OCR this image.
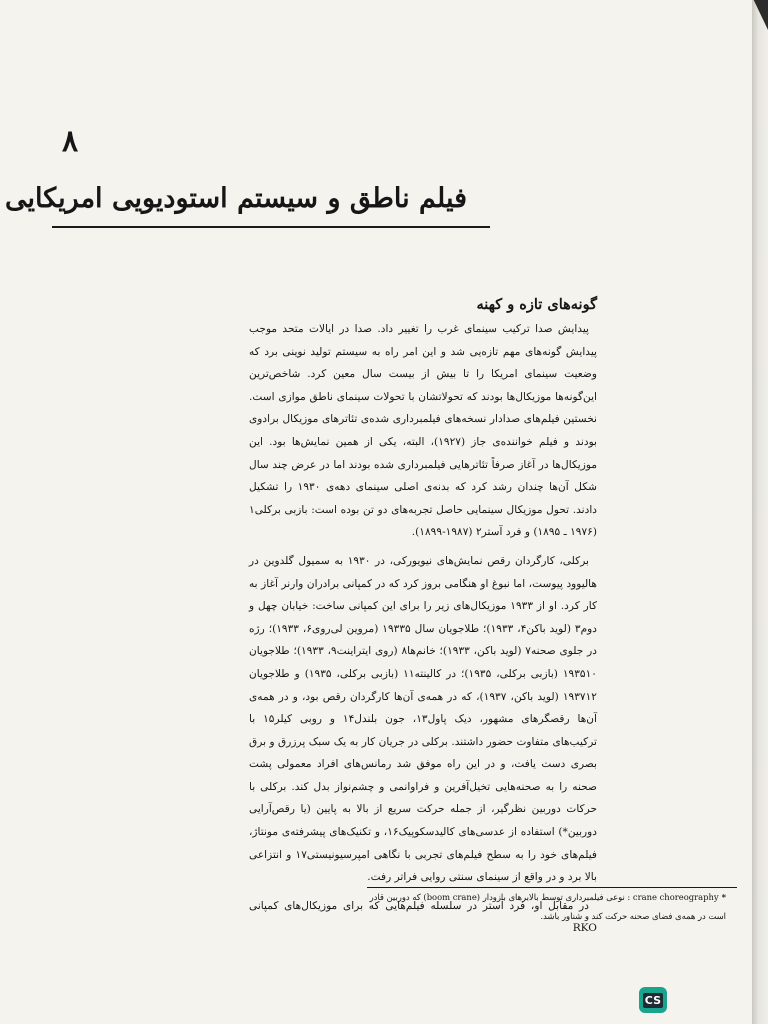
۸
فیلم ناطق و سیستم استودیویی امریکایی
گونه‌های تازه و کهنه

پیدایش صدا ترکیب سینمای غرب را تغییر داد. صدا در ایالات متحد موجب پیدایش گونه‌های مهم تازه‌یی شد و این امر راه به سیستم تولید نوینی برد که وضعیت سینمای امریکا را تا بیش از بیست سال معین کرد. شاخص‌ترین این‌گونه‌ها موزیکال‌ها بودند که تحولاتشان با تحولات سینمای ناطق موازی است. نخستین فیلم‌های صدادار نسخه‌های فیلمبرداری شده‌ی تئاترهای موزیکال برادوی بودند و فیلم خواننده‌ی جاز (۱۹۲۷)، البته، یکی از همین نمایش‌ها بود. این موزیکال‌ها در آغاز صرفاً تئاترهایی فیلمبرداری شده بودند اما در عرض چند سال شکل آن‌ها چندان رشد کرد که بدنه‌ی اصلی سینمای دهه‌ی ۱۹۳۰ را تشکیل دادند. تحول موزیکال سینمایی حاصل تجربه‌های دو تن بوده است: بازبی برکلی۱ (۱۹۷۶ ـ ۱۸۹۵) و فرد آستر۲ (۱۹۸۷-۱۸۹۹).

برکلی، کارگردان رقص نمایش‌های نیویورکی، در ۱۹۳۰ به سمیول گلدوین در هالیوود پیوست، اما نبوغ او هنگامی بروز کرد که در کمپانی برادران وارنر آغاز به کار کرد. او از ۱۹۳۳ موزیکال‌های زیر را برای این کمپانی ساخت: خیابان چهل و دوم۳ (لوید باکن۴، ۱۹۳۳)؛ طلاجویان سال ۱۹۳۳۵ (مروین لی‌روی۶، ۱۹۳۳)؛ رژه در جلوی صحنه۷ (لوید باکن، ۱۹۳۳)؛ خانم‌ها۸ (روی ایتراینت۹، ۱۹۳۳)؛ طلاجویان ۱۹۳۵۱۰ (بازبی برکلی، ۱۹۳۵)؛ در کالینته۱۱ (بازبی برکلی، ۱۹۳۵) و طلاجویان ۱۹۳۷۱۲ (لوید باکن، ۱۹۳۷)، که در همه‌ی آن‌ها کارگردان رقص بود، و در همه‌ی آن‌ها رقصگرهای مشهور، دیک پاول۱۳، جون بلندل۱۴ و روبی کیلر۱۵ با ترکیب‌های متفاوت حضور داشتند. برکلی در جریان کار به یک سبک پرزرق و برق بصری دست یافت، و در این راه موفق شد رمانس‌های افراد معمولی پشت صحنه را به صحنه‌هایی تخیل‌آفرین و فراوانمی و چشم‌نواز بدل کند. برکلی با حرکات دوربین نظرگیر، از جمله حرکت سریع از بالا به پایین (یا رقص‌آرایی دوربین*) استفاده از عدسی‌های کالیدسکوپیک۱۶، و تکنیک‌های پیشرفته‌ی مونتاژ، فیلم‌های خود را به سطح فیلم‌های تجربی با نگاهی امپرسیونیستی۱۷ و انتزاعی بالا برد و در واقع از سینمای سنتی روایی فراتر رفت.

در مقابل او، فرد آستر در سلسله فیلم‌هایی که برای موزیکال‌های کمپانی RKO

*crane choreography : نوعی فیلمبرداری توسط بالابرهای بازودار (boom crane) که دوربین قادر است در همه‌ی فضای صحنه حرکت کند و شناور باشد.
CS
